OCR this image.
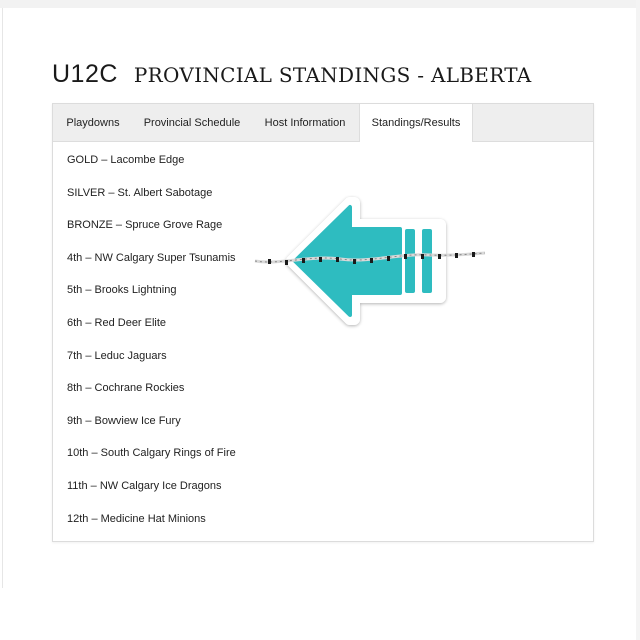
U12C PROVINCIAL STANDINGS - ALBERTA
Playdowns	Provincial Schedule	Host Information	Standings/Results
GOLD – Lacombe Edge
SILVER – St. Albert Sabotage
BRONZE – Spruce Grove Rage
4th – NW Calgary Super Tsunamis
5th – Brooks Lightning
6th – Red Deer Elite
7th – Leduc Jaguars
8th – Cochrane Rockies
9th – Bowview Ice Fury
10th – South Calgary Rings of Fire
11th – NW Calgary Ice Dragons
12th – Medicine Hat Minions
